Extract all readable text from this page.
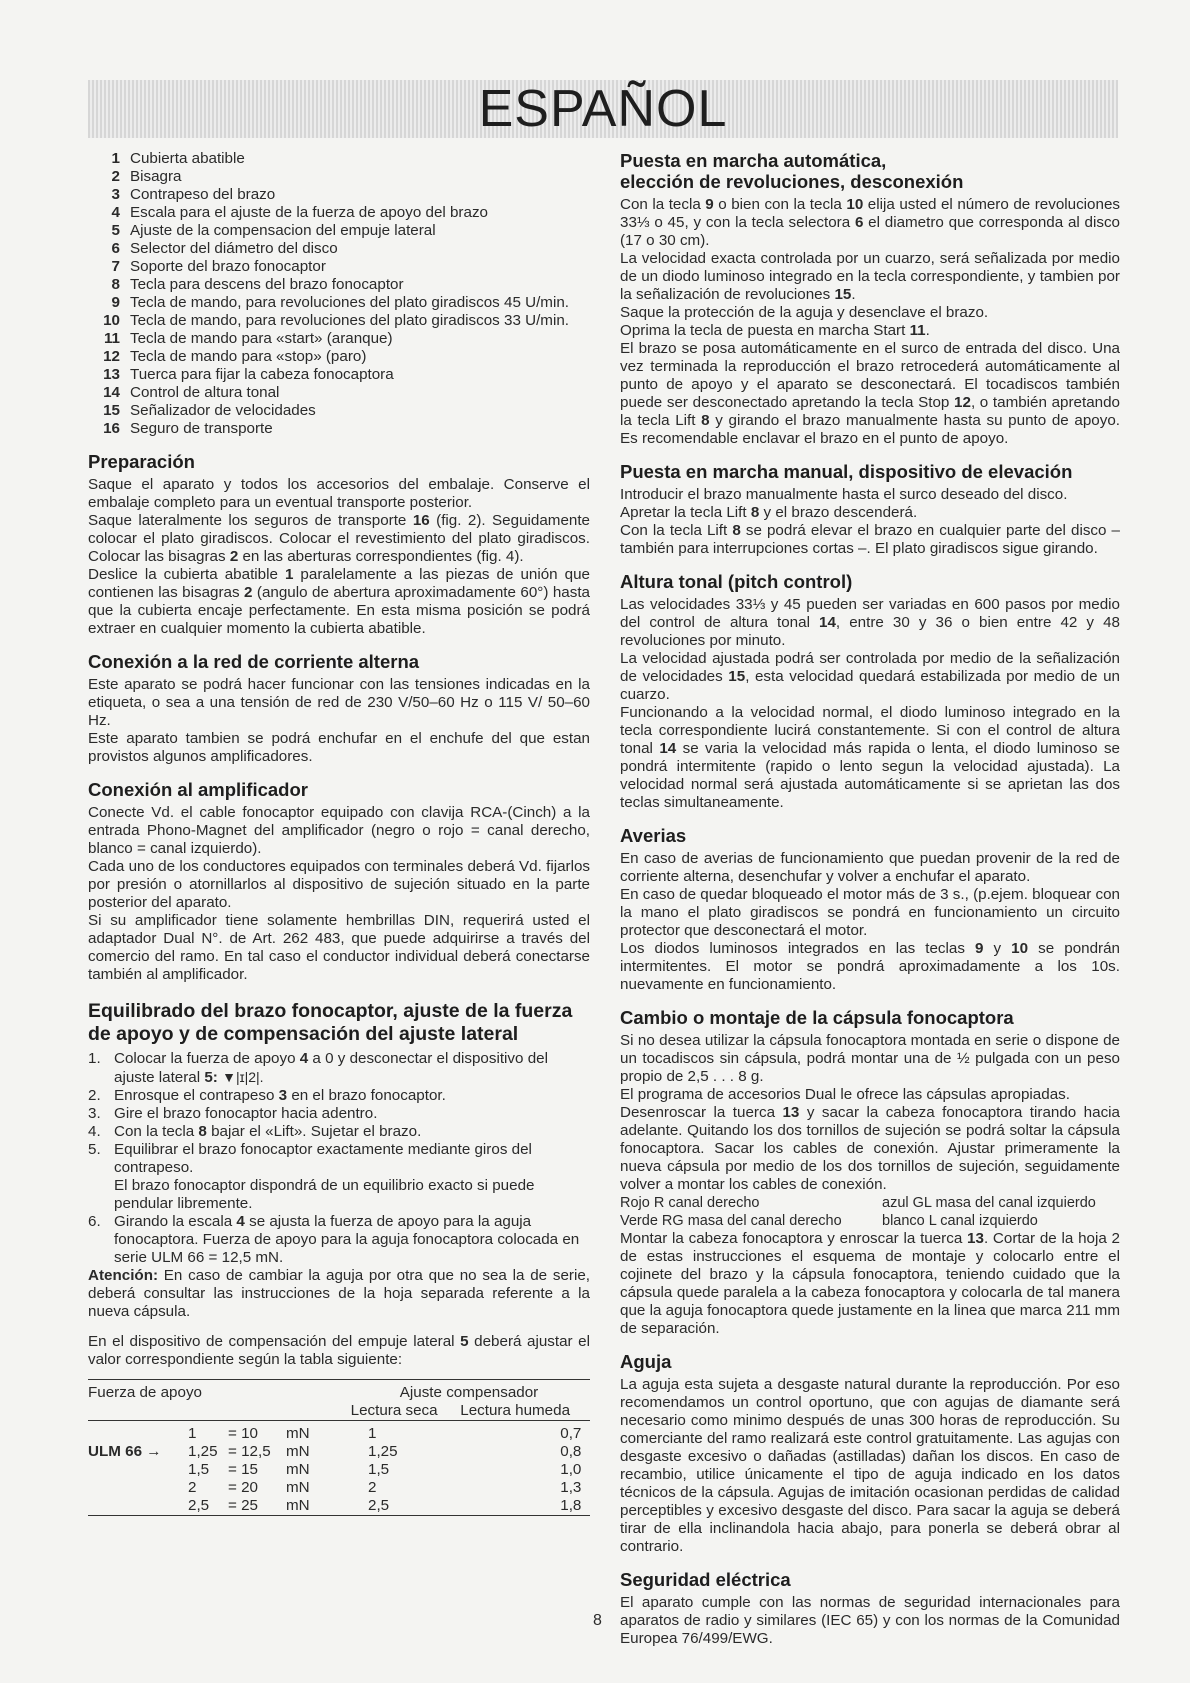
ESPAÑOL
1 Cubierta abatible
2 Bisagra
3 Contrapeso del brazo
4 Escala para el ajuste de la fuerza de apoyo del brazo
5 Ajuste de la compensacion del empuje lateral
6 Selector del diámetro del disco
7 Soporte del brazo fonocaptor
8 Tecla para descens del brazo fonocaptor
9 Tecla de mando, para revoluciones del plato giradiscos 45 U/min.
10 Tecla de mando, para revoluciones del plato giradiscos 33 U/min.
11 Tecla de mando para «start» (aranque)
12 Tecla de mando para «stop» (paro)
13 Tuerca para fijar la cabeza fonocaptora
14 Control de altura tonal
15 Señalizador de velocidades
16 Seguro de transporte
Preparación

Saque el aparato y todos los accesorios del embalaje. Conserve el embalaje completo para un eventual transporte posterior.

Saque lateralmente los seguros de transporte 16 (fig. 2). Seguidamente colocar el plato giradiscos. Colocar el revestimiento del plato giradiscos. Colocar las bisagras 2 en las aberturas correspondientes (fig. 4).

Deslice la cubierta abatible 1 paralelamente a las piezas de unión que contienen las bisagras 2 (angulo de abertura aproximadamente 60°) hasta que la cubierta encaje perfectamente. En esta misma posición se podrá extraer en cualquier momento la cubierta abatible.

Conexión a la red de corriente alterna

Este aparato se podrá hacer funcionar con las tensiones indicadas en la etiqueta, o sea a una tensión de red de 230 V/50–60 Hz o 115 V/ 50–60 Hz.

Este aparato tambien se podrá enchufar en el enchufe del que estan provistos algunos amplificadores.

Conexión al amplificador

Conecte Vd. el cable fonocaptor equipado con clavija RCA-(Cinch) a la entrada Phono-Magnet del amplificador (negro o rojo = canal derecho, blanco = canal izquierdo).

Cada uno de los conductores equipados con terminales deberá Vd. fijarlos por presión o atornillarlos al dispositivo de sujeción situado en la parte posterior del aparato.

Si su amplificador tiene solamente hembrillas DIN, requerirá usted el adaptador Dual N°. de Art. 262 483, que puede adquirirse a través del comercio del ramo. En tal caso el conductor individual deberá conectarse también al amplificador.

Equilibrado del brazo fonocaptor, ajuste de la fuerza de apoyo y de compensación del ajuste lateral
1. Colocar la fuerza de apoyo 4 a 0 y desconectar el dispositivo del ajuste lateral 5: ▼|ɪ|2|.
2. Enrosque el contrapeso 3 en el brazo fonocaptor.
3. Gire el brazo fonocaptor hacia adentro.
4. Con la tecla 8 bajar el «Lift». Sujetar el brazo.
5. Equilibrar el brazo fonocaptor exactamente mediante giros del contrapeso.
El brazo fonocaptor dispondrá de un equilibrio exacto si puede pendular libremente.
6. Girando la escala 4 se ajusta la fuerza de apoyo para la aguja fonocaptora. Fuerza de apoyo para la aguja fonocaptora colocada en serie ULM 66 = 12,5 mN.

Atención: En caso de cambiar la aguja por otra que no sea la de serie, deberá consultar las instrucciones de la hoja separada referente a la nueva cápsula.

En el dispositivo de compensación del empuje lateral 5 deberá ajustar el valor correspondiente según la tabla siguiente:

Fuerza de apoyo				Ajuste compensador	
				Lectura seca	Lectura humeda
	1	= 10	mN	1	0,7
ULM 66 →	1,25	= 12,5	mN	1,25	0,8
	1,5	= 15	mN	1,5	1,0
	2	= 20	mN	2	1,3
	2,5	= 25	mN	2,5	1,8
Puesta en marcha automática,
elección de revoluciones, desconexión

Con la tecla 9 o bien con la tecla 10 elija usted el número de revoluciones 33⅓ o 45, y con la tecla selectora 6 el diametro que corresponda al disco (17 o 30 cm).

La velocidad exacta controlada por un cuarzo, será señalizada por medio de un diodo luminoso integrado en la tecla correspondiente, y tambien por la señalización de revoluciones 15.

Saque la protección de la aguja y desenclave el brazo.

Oprima la tecla de puesta en marcha Start 11.

El brazo se posa automáticamente en el surco de entrada del disco. Una vez terminada la reproducción el brazo retrocederá automáticamente al punto de apoyo y el aparato se desconectará. El tocadiscos también puede ser desconectado apretando la tecla Stop 12, o también apretando la tecla Lift 8 y girando el brazo manualmente hasta su punto de apoyo. Es recomendable enclavar el brazo en el punto de apoyo.

Puesta en marcha manual, dispositivo de elevación

Introducir el brazo manualmente hasta el surco deseado del disco.

Apretar la tecla Lift 8 y el brazo descenderá.

Con la tecla Lift 8 se podrá elevar el brazo en cualquier parte del disco – también para interrupciones cortas –. El plato giradiscos sigue girando.

Altura tonal (pitch control)

Las velocidades 33⅓ y 45 pueden ser variadas en 600 pasos por medio del control de altura tonal 14, entre 30 y 36 o bien entre 42 y 48 revoluciones por minuto.

La velocidad ajustada podrá ser controlada por medio de la señalización de velocidades 15, esta velocidad quedará estabilizada por medio de un cuarzo.

Funcionando a la velocidad normal, el diodo luminoso integrado en la tecla correspondiente lucirá constantemente. Si con el control de altura tonal 14 se varia la velocidad más rapida o lenta, el diodo luminoso se pondrá intermitente (rapido o lento segun la velocidad ajustada). La velocidad normal será ajustada automáticamente si se aprietan las dos teclas simultaneamente.

Averias

En caso de averias de funcionamiento que puedan provenir de la red de corriente alterna, desenchufar y volver a enchufar el aparato.

En caso de quedar bloqueado el motor más de 3 s., (p.ejem. bloquear con la mano el plato giradiscos se pondrá en funcionamiento un circuito protector que desconectará el motor.

Los diodos luminosos integrados en las teclas 9 y 10 se pondrán intermitentes. El motor se pondrá aproximadamente a los 10s. nuevamente en funcionamiento.

Cambio o montaje de la cápsula fonocaptora

Si no desea utilizar la cápsula fonocaptora montada en serie o dispone de un tocadiscos sin cápsula, podrá montar una de ½ pulgada con un peso propio de 2,5 . . . 8 g.

El programa de accesorios Dual le ofrece las cápsulas apropiadas.

Desenroscar la tuerca 13 y sacar la cabeza fonocaptora tirando hacia adelante. Quitando los dos tornillos de sujeción se podrá soltar la cápsula fonocaptora. Sacar los cables de conexión. Ajustar primeramente la nueva cápsula por medio de los dos tornillos de sujeción, seguidamente volver a montar los cables de conexión.

Rojo R canal derecho	azul GL masa del canal izquierdo
Verde RG masa del canal derecho	blanco L canal izquierdo

Montar la cabeza fonocaptora y enroscar la tuerca 13. Cortar de la hoja 2 de estas instrucciones el esquema de montaje y colocarlo entre el cojinete del brazo y la cápsula fonocaptora, teniendo cuidado que la cápsula quede paralela a la cabeza fonocaptora y colocarla de tal manera que la aguja fonocaptora quede justamente en la linea que marca 211 mm de separación.

Aguja

La aguja esta sujeta a desgaste natural durante la reproducción. Por eso recomendamos un control oportuno, que con agujas de diamante será necesario como minimo después de unas 300 horas de reproducción. Su comerciante del ramo realizará este control gratuitamente. Las agujas con desgaste excesivo o dañadas (astilladas) dañan los discos. En caso de recambio, utilice únicamente el tipo de aguja indicado en los datos técnicos de la cápsula. Agujas de imitación ocasionan perdidas de calidad perceptibles y excesivo desgaste del disco. Para sacar la aguja se deberá tirar de ella inclinandola hacia abajo, para ponerla se deberá obrar al contrario.

Seguridad eléctrica

El aparato cumple con las normas de seguridad internacionales para aparatos de radio y similares (IEC 65) y con los normas de la Comunidad Europea 76/499/EWG.

8
